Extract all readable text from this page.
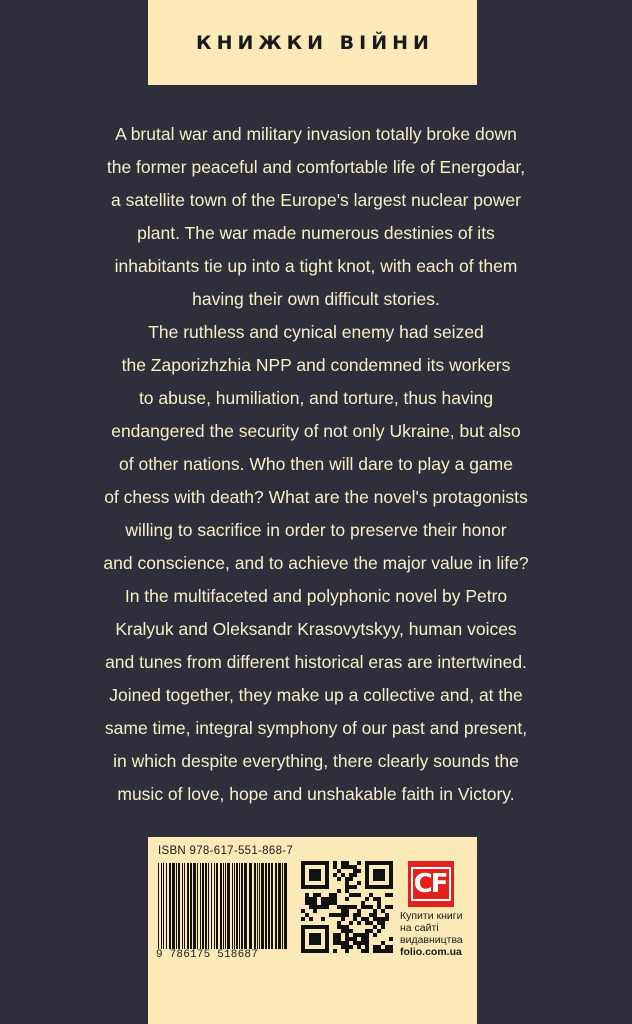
КНИЖКИ ВІЙНИ

A brutal war and military invasion totally broke down

the former peaceful and comfortable life of Energodar,

a satellite town of the Europe's largest nuclear power

plant. The war made numerous destinies of its

inhabitants tie up into a tight knot, with each of them

having their own difficult stories.

The ruthless and cynical enemy had seized

the Zaporizhzhia NPP and condemned its workers

to abuse, humiliation, and torture, thus having

endangered the security of not only Ukraine, but also

of other nations. Who then will dare to play a game

of chess with death? What are the novel's protagonists

willing to sacrifice in order to preserve their honor

and conscience, and to achieve the major value in life?

In the multifaceted and polyphonic novel by Petro

Kralyuk and Oleksandr Krasovytskyy, human voices

and tunes from different historical eras are intertwined.

Joined together, they make up a collective and, at the

same time, integral symphony of our past and present,

in which despite everything, there clearly sounds the

music of love, hope and unshakable faith in Victory.

ISBN 978-617-551-868-7
9 786175 518687
CF
Купити книги
на сайті
видавництва
folio.com.ua
